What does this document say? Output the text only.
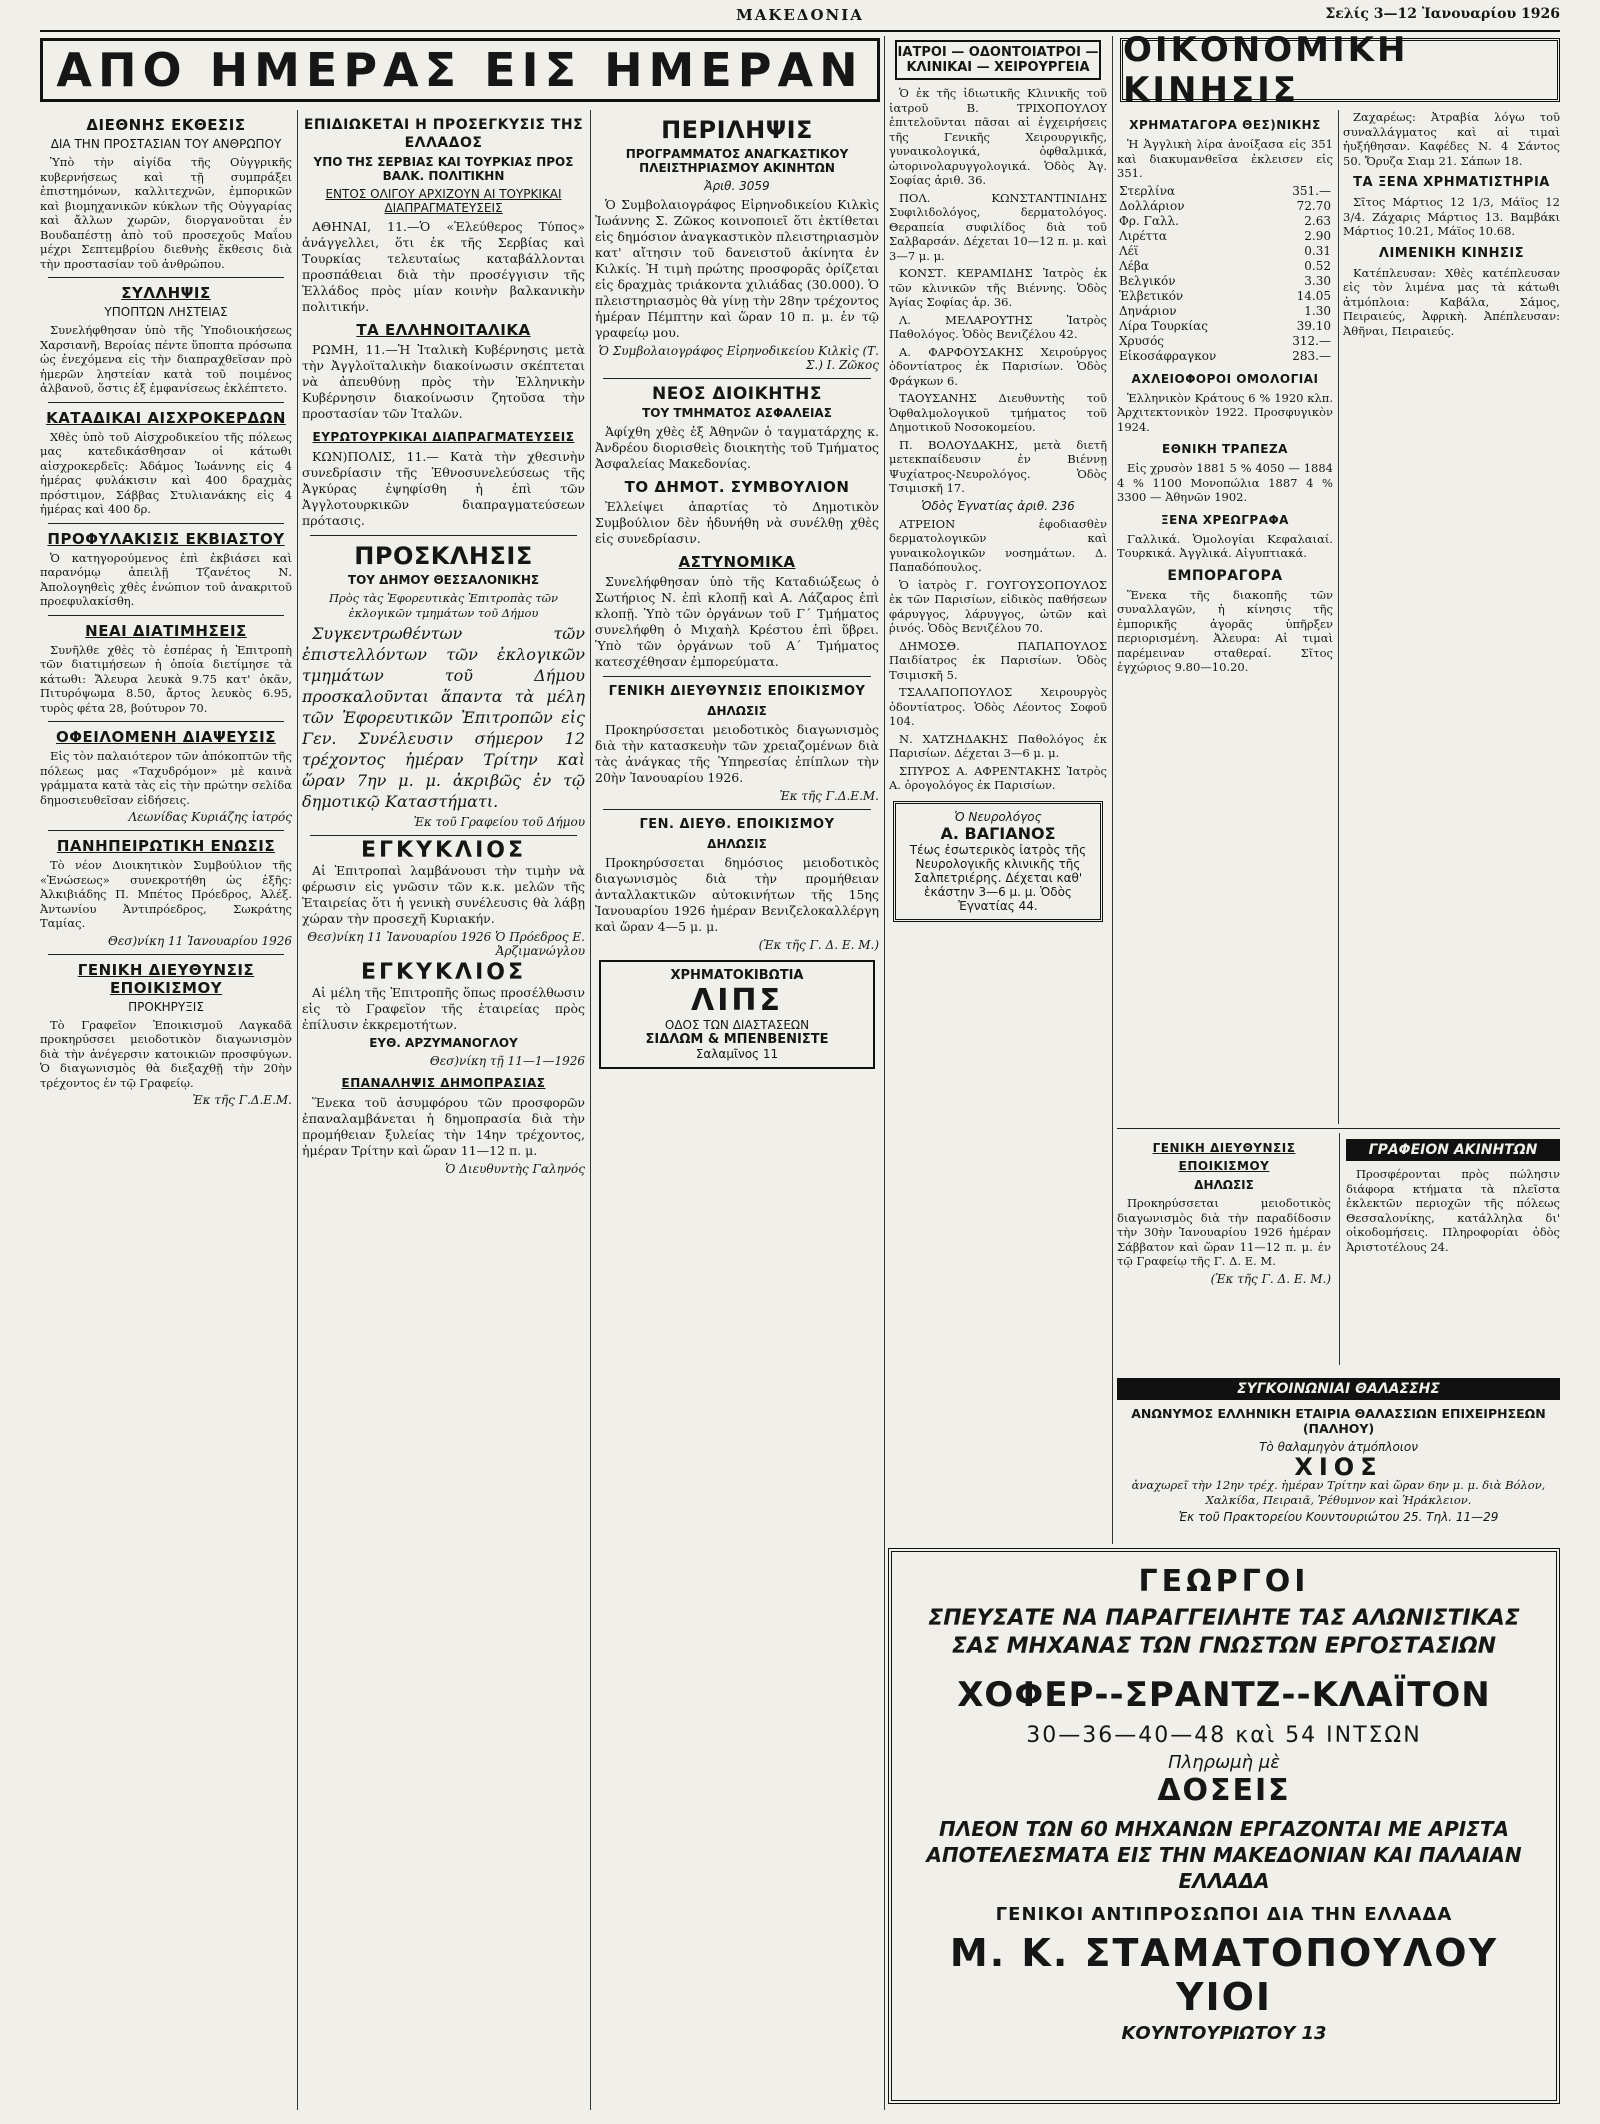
ΜΑΚΕΔΟΝΙΑ	Σελίς 3—12 Ἰανουαρίου 1926
ΑΠΟ ΗΜΕΡΑΣ ΕΙΣ ΗΜΕΡΑΝ
ΔΙΕΘΝΗΣ ΕΚΘΕΣΙΣ
ΔΙΑ ΤΗΝ ΠΡΟΣΤΑΣΙΑΝ ΤΟΥ ΑΝΘΡΩΠΟΥ

Ὑπὸ τὴν αἰγίδα τῆς Οὐγγρικῆς κυβερνήσεως καὶ τῇ συμπράξει ἐπιστημόνων, καλλιτεχνῶν, ἐμπορικῶν καὶ βιομηχανικῶν κύκλων τῆς Οὐγγαρίας καὶ ἄλλων χωρῶν, διοργανοῦται ἐν Βουδαπέστῃ ἀπὸ τοῦ προσεχοῦς Μαΐου μέχρι Σεπτεμβρίου διεθνὴς ἔκθεσις διὰ τὴν προστασίαν τοῦ ἀνθρώπου.

ΣΥΛΛΗΨΙΣ
ΥΠΟΠΤΩΝ ΛΗΣΤΕΙΑΣ

Συνελήφθησαν ὑπὸ τῆς Ὑποδιοικήσεως Χαρσιανῆ, Βεροίας πέντε ὕποπτα πρόσωπα ὡς ἐνεχόμενα εἰς τὴν διαπραχθεῖσαν πρὸ ἡμερῶν ληστείαν κατὰ τοῦ ποιμένος ἀλβανοῦ, ὅστις ἐξ ἐμφανίσεως ἐκλέπτετο.

ΚΑΤΑΔΙΚΑΙ ΑΙΣΧΡΟΚΕΡΔΩΝ

Χθὲς ὑπὸ τοῦ Αἰσχροδικείου τῆς πόλεως μας κατεδικάσθησαν οἱ κάτωθι αἰσχροκερδεῖς: Ἀδάμος Ἰωάννης εἰς 4 ἡμέρας φυλάκισιν καὶ 400 δραχμὰς πρόστιμον, Σάββας Στυλιανάκης εἰς 4 ἡμέρας καὶ 400 δρ.

ΠΡΟΦΥΛΑΚΙΣΙΣ ΕΚΒΙΑΣΤΟΥ

Ὁ κατηγορούμενος ἐπὶ ἐκβιάσει καὶ παρανόμῳ ἀπειλῇ Τζανέτος Ν. Ἀπολογηθεὶς χθὲς ἐνώπιον τοῦ ἀνακριτοῦ προεφυλακίσθη.

ΝΕΑΙ ΔΙΑΤΙΜΗΣΕΙΣ

Συνῆλθε χθὲς τὸ ἑσπέρας ἡ Ἐπιτροπὴ τῶν διατιμήσεων ἡ ὁποία διετίμησε τὰ κάτωθι: Ἄλευρα λευκὰ 9.75 κατ' ὀκᾶν, Πιτυρόψωμα 8.50, ἄρτος λευκὸς 6.95, τυρὸς φέτα 28, βούτυρον 70.

ΟΦΕΙΛΟΜΕΝΗ ΔΙΑΨΕΥΣΙΣ

Εἰς τὸν παλαιότερον τῶν ἀπόκοπτῶν τῆς πόλεως μας «Ταχυδρόμον» μὲ καινὰ γράμματα κατὰ τὰς εἰς τὴν πρώτην σελίδα δημοσιευθεῖσαν εἰδήσεις.

Λεωνίδας Κυριάζης ἰατρός
ΠΑΝΗΠΕΙΡΩΤΙΚΗ ΕΝΩΣΙΣ

Τὸ νέον Διοικητικὸν Συμβούλιον τῆς «Ἑνώσεως» συνεκροτήθη ὡς ἑξῆς: Ἀλκιβιάδης Π. Μπέτος Πρόεδρος, Ἀλέξ. Ἀντωνίου Ἀντιπρόεδρος, Σωκράτης Ταμίας.

Θεσ)νίκη 11 Ἰανουαρίου 1926
ΓΕΝΙΚΗ ΔΙΕΥΘΥΝΣΙΣ ΕΠΟΙΚΙΣΜΟΥ
ΠΡΟΚΗΡΥΞΙΣ

Τὸ Γραφεῖον Ἐποικισμοῦ Λαγκαδᾶ προκηρύσσει μειοδοτικὸν διαγωνισμὸν διὰ τὴν ἀνέγερσιν κατοικιῶν προσφύγων. Ὁ διαγωνισμὸς θὰ διεξαχθῇ τὴν 20ὴν τρέχοντος ἐν τῷ Γραφείῳ.

Ἐκ τῆς Γ.Δ.Ε.Μ.
ΕΠΙΔΙΩΚΕΤΑΙ Η ΠΡΟΣΕΓΚΥΣΙΣ ΤΗΣ ΕΛΛΑΔΟΣ
ΥΠΟ ΤΗΣ ΣΕΡΒΙΑΣ ΚΑΙ ΤΟΥΡΚΙΑΣ ΠΡΟΣ ΒΑΛΚ. ΠΟΛΙΤΙΚΗΝ
ΕΝΤΟΣ ΟΛΙΓΟΥ ΑΡΧΙΖΟΥΝ ΑΙ ΤΟΥΡΚΙΚΑΙ ΔΙΑΠΡΑΓΜΑΤΕΥΣΕΙΣ

ΑΘΗΝΑΙ, 11.—Ὁ «Ἐλεύθερος Τύπος» ἀνάγγελλει, ὅτι ἐκ τῆς Σερβίας καὶ Τουρκίας τελευταίως καταβάλλονται προσπάθειαι διὰ τὴν προσέγγισιν τῆς Ἑλλάδος πρὸς μίαν κοινὴν βαλκανικὴν πολιτικήν.

ΤΑ ΕΛΛΗΝΟΙΤΑΛΙΚΑ

ΡΩΜΗ, 11.—Ἡ Ἰταλικὴ Κυβέρνησις μετὰ τὴν Ἀγγλοϊταλικὴν διακοίνωσιν σκέπτεται νὰ ἀπευθύνῃ πρὸς τὴν Ἑλληνικὴν Κυβέρνησιν διακοίνωσιν ζητοῦσα τὴν προστασίαν τῶν Ἰταλῶν.

ΕΥΡΩΤΟΥΡΚΙΚΑΙ ΔΙΑΠΡΑΓΜΑΤΕΥΣΕΙΣ

ΚΩΝ)ΠΟΛΙΣ, 11.— Κατὰ τὴν χθεσινὴν συνεδρίασιν τῆς Ἐθνοσυνελεύσεως τῆς Ἀγκύρας ἐψηφίσθη ἡ ἐπὶ τῶν Ἀγγλοτουρκικῶν διαπραγματεύσεων πρότασις.

ΠΡΟΣΚΛΗΣΙΣ
ΤΟΥ ΔΗΜΟΥ ΘΕΣΣΑΛΟΝΙΚΗΣ

Πρὸς τὰς Ἐφορευτικὰς Ἐπιτροπὰς τῶν ἐκλογικῶν τμημάτων τοῦ Δήμου

Συγκεντρωθέντων τῶν ἐπιστελλόντων τῶν ἐκλογικῶν τμημάτων τοῦ Δήμου προσκαλοῦνται ἅπαντα τὰ μέλη τῶν Ἐφορευτικῶν Ἐπιτροπῶν εἰς Γεν. Συνέλευσιν σήμερον 12 τρέχοντος ἡμέραν Τρίτην καὶ ὥραν 7ην μ. μ. ἀκριβῶς ἐν τῷ δημοτικῷ Καταστήματι.

Ἐκ τοῦ Γραφείου τοῦ Δήμου
ΕΓΚΥΚΛΙΟΣ

Αἱ Ἐπιτροπαὶ λαμβάνουσι τὴν τιμὴν νὰ φέρωσιν εἰς γνῶσιν τῶν κ.κ. μελῶν τῆς Ἑταιρείας ὅτι ἡ γενικὴ συνέλευσις θὰ λάβῃ χώραν τὴν προσεχῆ Κυριακήν.

Θεσ)νίκη 11 Ἰανουαρίου 1926 Ὁ Πρόεδρος Ε. Ἀρζιμανώγλου
ΕΓΚΥΚΛΙΟΣ

Αἱ μέλη τῆς Ἐπιτροπῆς ὅπως προσέλθωσιν εἰς τὸ Γραφεῖον τῆς ἑταιρείας πρὸς ἐπίλυσιν ἐκκρεμοτήτων.

ΕΥΘ. ΑΡΖΥΜΑΝΟΓΛΟΥ
Θεσ)νίκη τῇ 11—1—1926
ΕΠΑΝΑΛΗΨΙΣ ΔΗΜΟΠΡΑΣΙΑΣ

Ἕνεκα τοῦ ἀσυμφόρου τῶν προσφορῶν ἐπαναλαμβάνεται ἡ δημοπρασία διὰ τὴν προμήθειαν ξυλείας τὴν 14ην τρέχοντος, ἡμέραν Τρίτην καὶ ὥραν 11—12 π. μ.

Ὁ Διευθυντὴς Γαληνός
ΠΕΡΙΛΗΨΙΣ
ΠΡΟΓΡΑΜΜΑΤΟΣ ΑΝΑΓΚΑΣΤΙΚΟΥ ΠΛΕΙΣΤΗΡΙΑΣΜΟΥ ΑΚΙΝΗΤΩΝ
Ἀριθ. 3059

Ὁ Συμβολαιογράφος Εἰρηνοδικείου Κιλκὶς Ἰωάννης Σ. Ζῶκος κοινοποιεῖ ὅτι ἐκτίθεται εἰς δημόσιον ἀναγκαστικὸν πλειστηριασμὸν κατ' αἴτησιν τοῦ δανειστοῦ ἀκίνητα ἐν Κιλκίς. Ἡ τιμὴ πρώτης προσφορᾶς ὁρίζεται εἰς δραχμὰς τριάκοντα χιλιάδας (30.000). Ὁ πλειστηριασμὸς θὰ γίνῃ τὴν 28ην τρέχοντος ἡμέραν Πέμπτην καὶ ὥραν 10 π. μ. ἐν τῷ γραφείῳ μου.

Ὁ Συμβολαιογράφος Εἰρηνοδικείου Κιλκὶς (Τ. Σ.) Ι. Ζῶκος
ΝΕΟΣ ΔΙΟΙΚΗΤΗΣ
ΤΟΥ ΤΜΗΜΑΤΟΣ ΑΣΦΑΛΕΙΑΣ

Ἀφίχθη χθὲς ἐξ Ἀθηνῶν ὁ ταγματάρχης κ. Ἀνδρέου διορισθεὶς διοικητὴς τοῦ Τμήματος Ἀσφαλείας Μακεδονίας.

ΤΟ ΔΗΜΟΤ. ΣΥΜΒΟΥΛΙΟΝ

Ἐλλείψει ἀπαρτίας τὸ Δημοτικὸν Συμβούλιον δὲν ἠδυνήθη νὰ συνέλθῃ χθὲς εἰς συνεδρίασιν.

ΑΣΤΥΝΟΜΙΚΑ

Συνελήφθησαν ὑπὸ τῆς Καταδιώξεως ὁ Σωτήριος Ν. ἐπὶ κλοπῇ καὶ Α. Λάζαρος ἐπὶ κλοπῇ. Ὑπὸ τῶν ὀργάνων τοῦ Γ΄ Τμήματος συνελήφθη ὁ Μιχαὴλ Κρέστου ἐπὶ ὕβρει. Ὑπὸ τῶν ὀργάνων τοῦ Α΄ Τμήματος κατεσχέθησαν ἐμπορεύματα.

ΓΕΝΙΚΗ ΔΙΕΥΘΥΝΣΙΣ ΕΠΟΙΚΙΣΜΟΥ
ΔΗΛΩΣΙΣ

Προκηρύσσεται μειοδοτικὸς διαγωνισμὸς διὰ τὴν κατασκευὴν τῶν χρειαζομένων διὰ τὰς ἀνάγκας τῆς Ὑπηρεσίας ἐπίπλων τὴν 20ὴν Ἰανουαρίου 1926.

Ἐκ τῆς Γ.Δ.Ε.Μ.
ΓΕΝ. ΔΙΕΥΘ. ΕΠΟΙΚΙΣΜΟΥ
ΔΗΛΩΣΙΣ

Προκηρύσσεται δημόσιος μειοδοτικὸς διαγωνισμὸς διὰ τὴν προμήθειαν ἀνταλλακτικῶν αὐτοκινήτων τῆς 15ης Ἰανουαρίου 1926 ἡμέραν Βενιζελοκαλλέργη καὶ ὥραν 4—5 μ. μ.

(Ἐκ τῆς Γ. Δ. Ε. Μ.)
ΧΡΗΜΑΤΟΚΙΒΩΤΙΑ
ΛΙΠΣ
ΟΔΟΣ ΤΩΝ ΔΙΑΣΤΑΣΕΩΝ
ΣΙΔΛΩΜ & ΜΠΕΝΒΕΝΙΣΤΕ
Σαλαμῖνος 11
ΙΑΤΡΟΙ — ΟΔΟΝΤΟΙΑΤΡΟΙ — ΚΛΙΝΙΚΑΙ — ΧΕΙΡΟΥΡΓΕΙΑ

Ὁ ἐκ τῆς ἰδιωτικῆς Κλινικῆς τοῦ ἰατροῦ Β. ΤΡΙΧΟΠΟΥΛΟΥ ἐπιτελοῦνται πᾶσαι αἱ ἐγχειρήσεις τῆς Γενικῆς Χειρουργικῆς, γυναικολογικά, ὀφθαλμικά, ὠτορινολαρυγγολογικά. Ὁδὸς Ἀγ. Σοφίας ἀριθ. 36.

ΠΟΛ. ΚΩΝΣΤΑΝΤΙΝΙΔΗΣ Συφιλιδολόγος, δερματολόγος. Θεραπεία συφιλίδος διὰ τοῦ Σαλβαρσάν. Δέχεται 10—12 π. μ. καὶ 3—7 μ. μ.

ΚΟΝΣΤ. ΚΕΡΑΜΙΔΗΣ Ἰατρὸς ἐκ τῶν κλινικῶν τῆς Βιέννης. Ὁδὸς Ἀγίας Σοφίας ἀρ. 36.

Λ. ΜΕΛΑΡΟΥΤΗΣ Ἰατρὸς Παθολόγος. Ὁδὸς Βενιζέλου 42.

Α. ΦΑΡΦΟΥΣΑΚΗΣ Χειρούργος ὀδοντίατρος ἐκ Παρισίων. Ὁδὸς Φράγκων 6.

ΤΑΟΥΣΑΝΗΣ Διευθυντὴς τοῦ Ὀφθαλμολογικοῦ τμήματος τοῦ Δημοτικοῦ Νοσοκομείου.

Π. ΒΟΛΟΥΔΑΚΗΣ, μετὰ διετῆ μετεκπαίδευσιν ἐν Βιέννῃ Ψυχίατρος-Νευρολόγος. Ὁδὸς Τσιμισκῆ 17.

Ὁδὸς Ἐγνατίας ἀριθ. 236

ΑΤΡΕΙΟΝ ἐφοδιασθὲν δερματολογικῶν καὶ γυναικολογικῶν νοσημάτων. Δ. Παπαδόπουλος.

Ὁ ἰατρὸς Γ. ΓΟΥΓΟΥΣΟΠΟΥΛΟΣ ἐκ τῶν Παρισίων, εἰδικὸς παθήσεων φάρυγγος, λάρυγγος, ὠτῶν καὶ ῥινός. Ὁδὸς Βενιζέλου 70.

ΔΗΜΟΣΘ. ΠΑΠΑΠΟΥΛΟΣ Παιδίατρος ἐκ Παρισίων. Ὁδὸς Τσιμισκῆ 5.

ΤΣΑΛΑΠΟΠΟΥΛΟΣ Χειρουργὸς ὀδοντίατρος. Ὁδὸς Λέοντος Σοφοῦ 104.

Ν. ΧΑΤΖΗΔΑΚΗΣ Παθολόγος ἐκ Παρισίων. Δέχεται 3—6 μ. μ.

ΣΠΥΡΟΣ Α. ΑΦΡΕΝΤΑΚΗΣ Ἰατρὸς Α. ὁρογολόγος ἐκ Παρισίων.

Ὁ Νευρολόγος
Α. ΒΑΓΙΑΝΟΣ
Τέως ἐσωτερικὸς ἰατρὸς τῆς Νευρολογικῆς κλινικῆς τῆς Σαλπετριέρης. Δέχεται καθ' ἑκάστην 3—6 μ. μ. Ὁδὸς Ἐγνατίας 44.
ΟΙΚΟΝΟΜΙΚΗ ΚΙΝΗΣΙΣ
ΧΡΗΜΑΤΑΓΟΡΑ ΘΕΣ)ΝΙΚΗΣ

Ἡ Ἀγγλικὴ λίρα ἀνοίξασα εἰς 351 καὶ διακυμανθεῖσα ἐκλεισεν εἰς 351.

Στερλίνα	351.—
Δολλάριον	72.70
Φρ. Γαλλ.	2.63
Λιρέττα	2.90
Λέϊ	0.31
Λέβα	0.52
Βελγικόν	3.30
Ἑλβετικόν	14.05
Δηνάριον	1.30
Λίρα Τουρκίας	39.10
Χρυσός	312.—
Εἰκοσάφραγκον	283.—
ΑΧΛΕΙΟΦΟΡΟΙ ΟΜΟΛΟΓΙΑΙ

Ἑλληνικὸν Κράτους 6 % 1920 κλπ. Ἀρχιτεκτονικὸν 1922. Προσφυγικὸν 1924.

ΕΘΝΙΚΗ ΤΡΑΠΕΖΑ

Εἰς χρυσὸν 1881 5 % 4050 — 1884 4 % 1100 Μονοπώλια 1887 4 % 3300 — Ἀθηνῶν 1902.

ΞΕΝΑ ΧΡΕΩΓΡΑΦΑ

Γαλλικά. Ὁμολογίαι Κεφαλαιαί. Τουρκικά. Ἀγγλικά. Αἰγυπτιακά.

ΕΜΠΟΡΑΓΟΡΑ

Ἕνεκα τῆς διακοπῆς τῶν συναλλαγῶν, ἡ κίνησις τῆς ἐμπορικῆς ἀγορᾶς ὑπῆρξεν περιορισμένη. Ἀλευρα: Αἱ τιμαὶ παρέμειναν σταθεραί. Σῖτος ἐγχώριος 9.80—10.20.

Ζαχαρέως: Ἀτραβία λόγω τοῦ συναλλάγματος καὶ αἱ τιμαὶ ἠυξήθησαν. Καφέδες Ν. 4 Σάντος 50. Ὄρυζα Σιαμ 21. Σάπων 18.

ΤΑ ΞΕΝΑ ΧΡΗΜΑΤΙΣΤΗΡΙΑ

Σῖτος Μάρτιος 12 1/3, Μάϊος 12 3/4. Ζάχαρις Μάρτιος 13. Βαμβάκι Μάρτιος 10.21, Μάϊος 10.68.

ΛΙΜΕΝΙΚΗ ΚΙΝΗΣΙΣ

Κατέπλευσαν: Χθὲς κατέπλευσαν εἰς τὸν λιμένα μας τὰ κάτωθι ἀτμόπλοια: Καβάλα, Σάμος, Πειραιεύς, Ἀφρικὴ. Ἀπέπλευσαν: Ἀθῆναι, Πειραιεύς.

ΓΕΝΙΚΗ ΔΙΕΥΘΥΝΣΙΣ ΕΠΟΙΚΙΣΜΟΥ
ΔΗΛΩΣΙΣ

Προκηρύσσεται μειοδοτικὸς διαγωνισμὸς διὰ τὴν παραδίδοσιν τὴν 30ὴν Ἰανουαρίου 1926 ἡμέραν Σάββατον καὶ ὥραν 11—12 π. μ. ἐν τῷ Γραφείῳ τῆς Γ. Δ. Ε. Μ.

(Ἐκ τῆς Γ. Δ. Ε. Μ.)
ΓΡΑΦΕΙΟΝ ΑΚΙΝΗΤΩΝ

Προσφέρονται πρὸς πώλησιν διάφορα κτήματα τὰ πλεῖστα ἐκλεκτῶν περιοχῶν τῆς πόλεως Θεσσαλονίκης, κατάλληλα δι' οἰκοδομήσεις. Πληροφορίαι ὁδὸς Ἀριστοτέλους 24.

ΣΥΓΚΟΙΝΩΝΙΑΙ ΘΑΛΑΣΣΗΣ
ΑΝΩΝΥΜΟΣ ΕΛΛΗΝΙΚΗ ΕΤΑΙΡΙΑ ΘΑΛΑΣΣΙΩΝ ΕΠΙΧΕΙΡΗΣΕΩΝ (ΠΑΛΗΟΥ)
Τὸ θαλαμηγὸν ἀτμόπλοιον
ΧΙΟΣ

ἀναχωρεῖ τὴν 12ην τρέχ. ἡμέραν Τρίτην καὶ ὥραν 6ην μ. μ. διὰ Βόλον, Χαλκίδα, Πειραιᾶ, Ῥέθυμνον καὶ Ἡράκλειον.

Ἐκ τοῦ Πρακτορείου Κουντουριώτου 25. Τηλ. 11—29
ΓΕΩΡΓΟΙ
ΣΠΕΥΣΑΤΕ ΝΑ ΠΑΡΑΓΓΕΙΛΗΤΕ ΤΑΣ ΑΛΩΝΙΣΤΙΚΑΣ ΣΑΣ ΜΗΧΑΝΑΣ ΤΩΝ ΓΝΩΣΤΩΝ ΕΡΓΟΣΤΑΣΙΩΝ
ΧΟΦΕΡ--ΣΡΑΝΤΖ--ΚΛΑΪΤΟΝ
30—36—40—48 καὶ 54 ΙΝΤΣΩΝ
Πληρωμὴ μὲ
ΔΟΣΕΙΣ
ΠΛΕΟΝ ΤΩΝ 60 ΜΗΧΑΝΩΝ ΕΡΓΑΖΟΝΤΑΙ ΜΕ ΑΡΙΣΤΑ ΑΠΟΤΕΛΕΣΜΑΤΑ ΕΙΣ ΤΗΝ ΜΑΚΕΔΟΝΙΑΝ ΚΑΙ ΠΑΛΑΙΑΝ ΕΛΛΑΔΑ
ΓΕΝΙΚΟΙ ΑΝΤΙΠΡΟΣΩΠΟΙ ΔΙΑ ΤΗΝ ΕΛΛΑΔΑ
Μ. Κ. ΣΤΑΜΑΤΟΠΟΥΛΟΥ ΥΙΟΙ
ΚΟΥΝΤΟΥΡΙΩΤΟΥ 13
